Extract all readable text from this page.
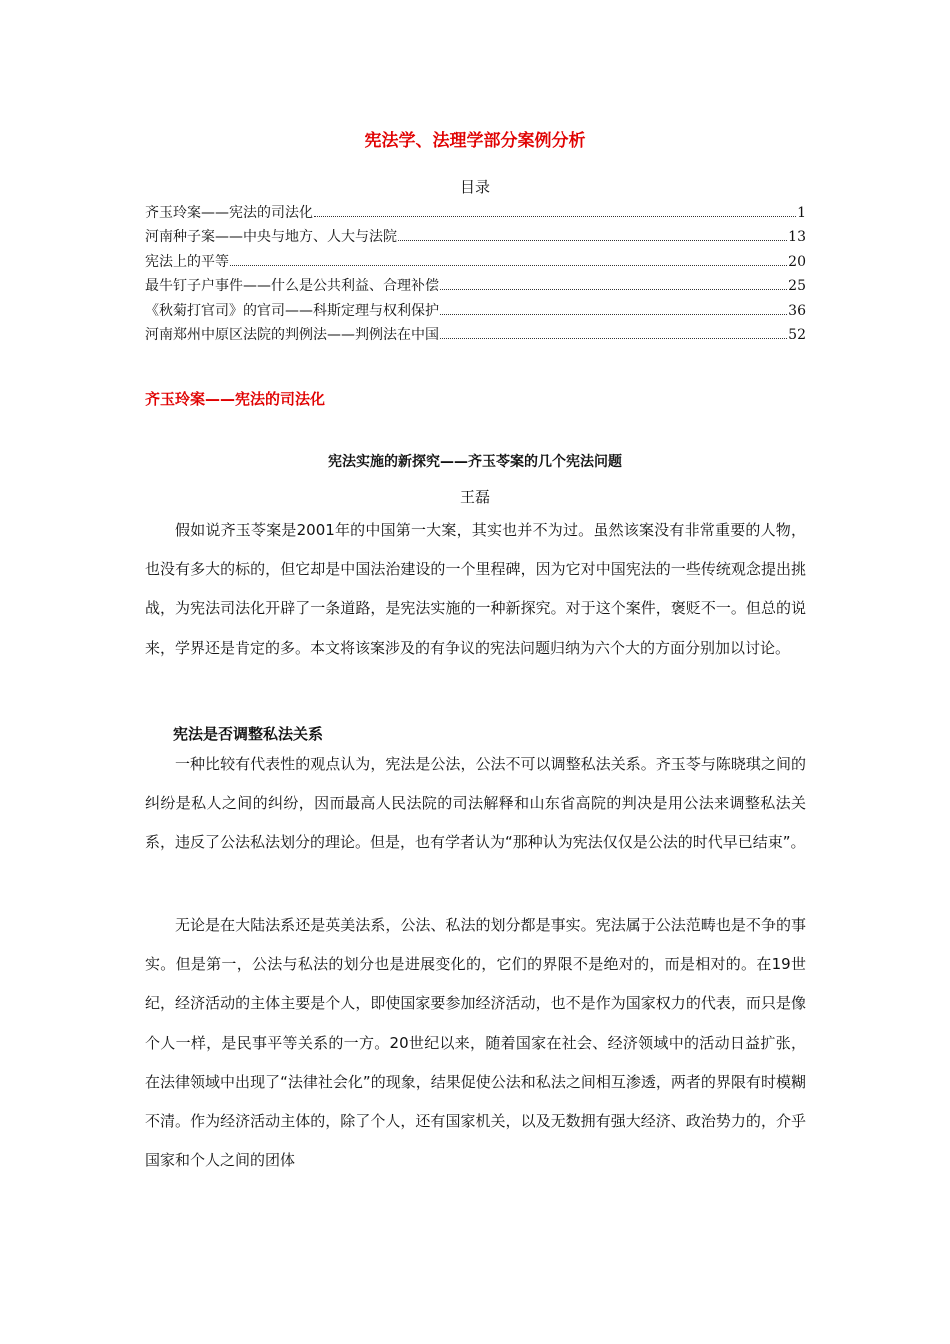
宪法学、法理学部分案例分析
目录
齐玉玲案——宪法的司法化	1
河南种子案——中央与地方、人大与法院	13
宪法上的平等	20
最牛钉子户事件——什么是公共利益、合理补偿	25
《秋菊打官司》的官司——科斯定理与权利保护	36
河南郑州中原区法院的判例法——判例法在中国	52
齐玉玲案——宪法的司法化
宪法实施的新探究——齐玉苓案的几个宪法问题
王磊

假如说齐玉苓案是2001年的中国第一大案，其实也并不为过。虽然该案没有非常重要的人物，也没有多大的标的，但它却是中国法治建设的一个里程碑，因为它对中国宪法的一些传统观念提出挑战，为宪法司法化开辟了一条道路，是宪法实施的一种新探究。对于这个案件，褒贬不一。但总的说来，学界还是肯定的多。本文将该案涉及的有争议的宪法问题归纳为六个大的方面分别加以讨论。

宪法是否调整私法关系

一种比较有代表性的观点认为，宪法是公法，公法不可以调整私法关系。齐玉苓与陈晓琪之间的纠纷是私人之间的纠纷，因而最高人民法院的司法解释和山东省高院的判决是用公法来调整私法关系，违反了公法私法划分的理论。但是，也有学者认为“那种认为宪法仅仅是公法的时代早已结束”。

无论是在大陆法系还是英美法系，公法、私法的划分都是事实。宪法属于公法范畴也是不争的事实。但是第一，公法与私法的划分也是进展变化的，它们的界限不是绝对的，而是相对的。在19世纪，经济活动的主体主要是个人，即使国家要参加经济活动，也不是作为国家权力的代表，而只是像个人一样，是民事平等关系的一方。20世纪以来，随着国家在社会、经济领域中的活动日益扩张，在法律领域中出现了“法律社会化”的现象，结果促使公法和私法之间相互渗透，两者的界限有时模糊不清。作为经济活动主体的，除了个人，还有国家机关，以及无数拥有强大经济、政治势力的，介乎国家和个人之间的团体
